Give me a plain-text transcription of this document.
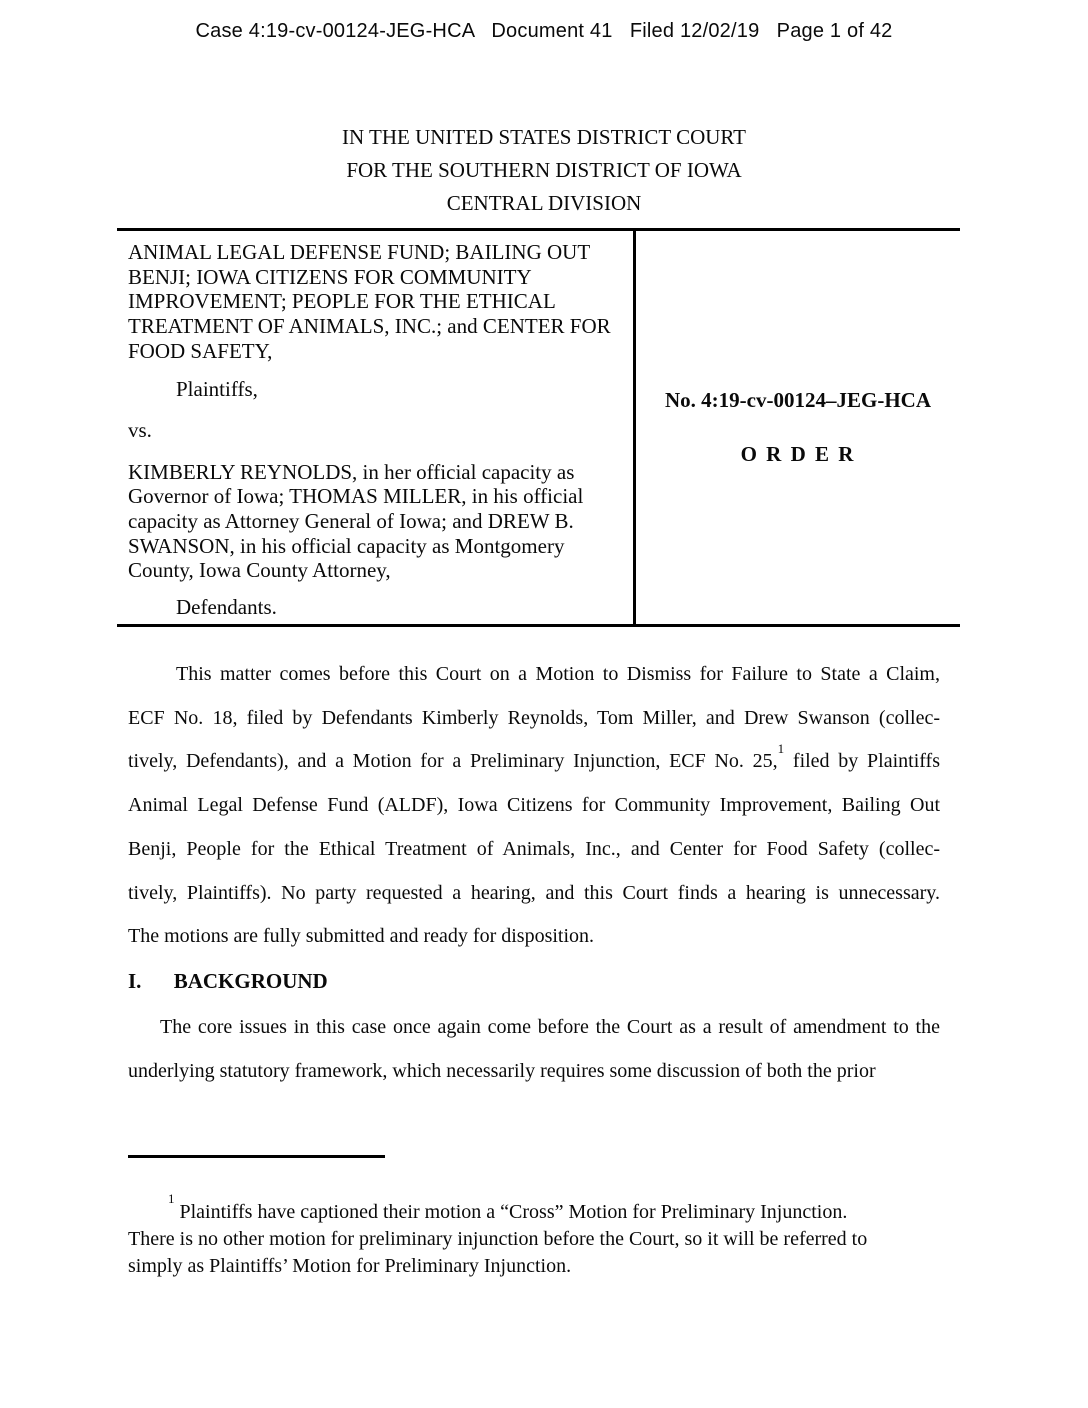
Case 4:19-cv-00124-JEG-HCA   Document 41   Filed 12/02/19   Page 1 of 42
IN THE UNITED STATES DISTRICT COURT
FOR THE SOUTHERN DISTRICT OF IOWA
CENTRAL DIVISION
ANIMAL LEGAL DEFENSE FUND; BAILING OUT
BENJI; IOWA CITIZENS FOR COMMUNITY
IMPROVEMENT; PEOPLE FOR THE ETHICAL
TREATMENT OF ANIMALS, INC.; and CENTER FOR
FOOD SAFETY,
Plaintiffs,
vs.
KIMBERLY REYNOLDS, in her official capacity as
Governor of Iowa; THOMAS MILLER, in his official
capacity as Attorney General of Iowa; and DREW B.
SWANSON, in his official capacity as Montgomery
County, Iowa County Attorney,
Defendants.
No. 4:19-cv-00124–JEG-HCA
O R D E R
This matter comes before this Court on a Motion to Dismiss for Failure to State a Claim,
ECF No. 18, filed by Defendants Kimberly Reynolds, Tom Miller, and Drew Swanson (collec-
tively, Defendants), and a Motion for a Preliminary Injunction, ECF No. 25,$^1$ filed by Plaintiffs
Animal Legal Defense Fund (ALDF), Iowa Citizens for Community Improvement, Bailing Out
Benji, People for the Ethical Treatment of Animals, Inc., and Center for Food Safety (collec-
tively, Plaintiffs). No party requested a hearing, and this Court finds a hearing is unnecessary.
The motions are fully submitted and ready for disposition.
I. BACKGROUND
The core issues in this case once again come before the Court as a result of amendment to the
underlying statutory framework, which necessarily requires some discussion of both the prior
$^1$ Plaintiffs have captioned their motion a “Cross” Motion for Preliminary Injunction.
There is no other motion for preliminary injunction before the Court, so it will be referred to
simply as Plaintiffs’ Motion for Preliminary Injunction.
